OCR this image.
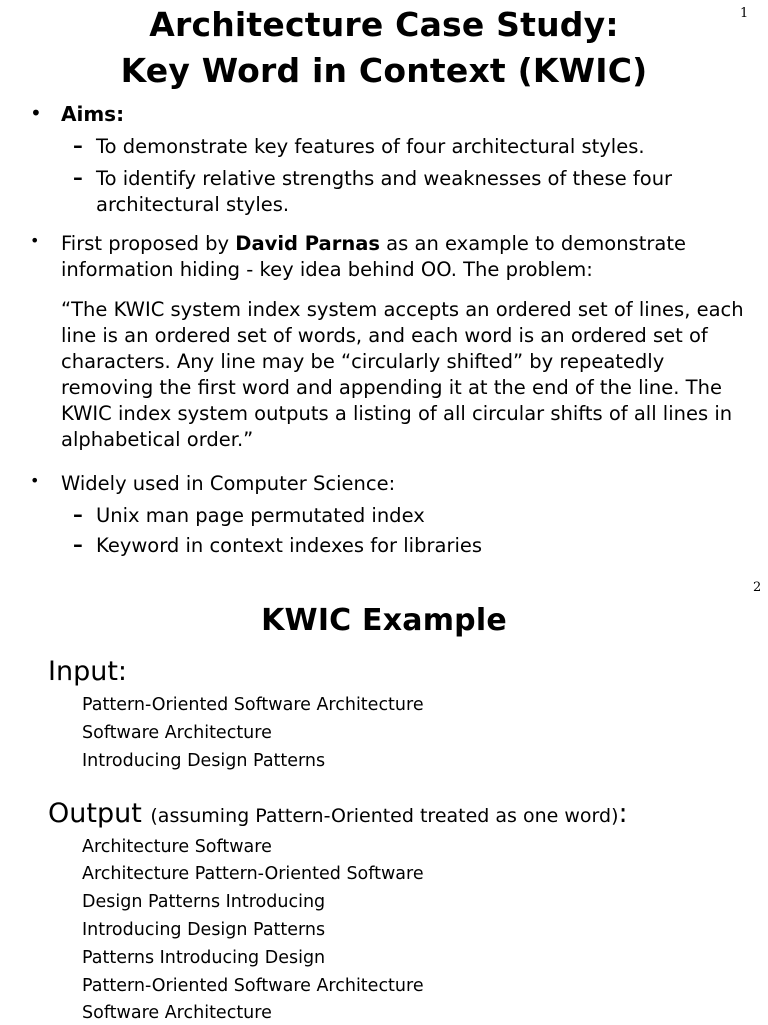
1
Architecture Case Study:
Key Word in Context (KWIC)
• Aims:
– To demonstrate key features of four architectural styles.
– To identify relative strengths and weaknesses of these four architectural styles.
• First proposed by David Parnas as an example to demonstrate information hiding - key idea behind OO. The problem:
“The KWIC system index system accepts an ordered set of lines, each line is an ordered set of words, and each word is an ordered set of characters. Any line may be “circularly shifted” by repeatedly removing the first word and appending it at the end of the line. The KWIC index system outputs a listing of all circular shifts of all lines in alphabetical order.”
• Widely used in Computer Science:
– Unix man page permutated index
– Keyword in context indexes for libraries
2
KWIC Example
Input:
Pattern-Oriented Software Architecture
Software Architecture
Introducing Design Patterns
Output (assuming Pattern-Oriented treated as one word):
Architecture Software
Architecture Pattern-Oriented Software
Design Patterns Introducing
Introducing Design Patterns
Patterns Introducing Design
Pattern-Oriented Software Architecture
Software Architecture
